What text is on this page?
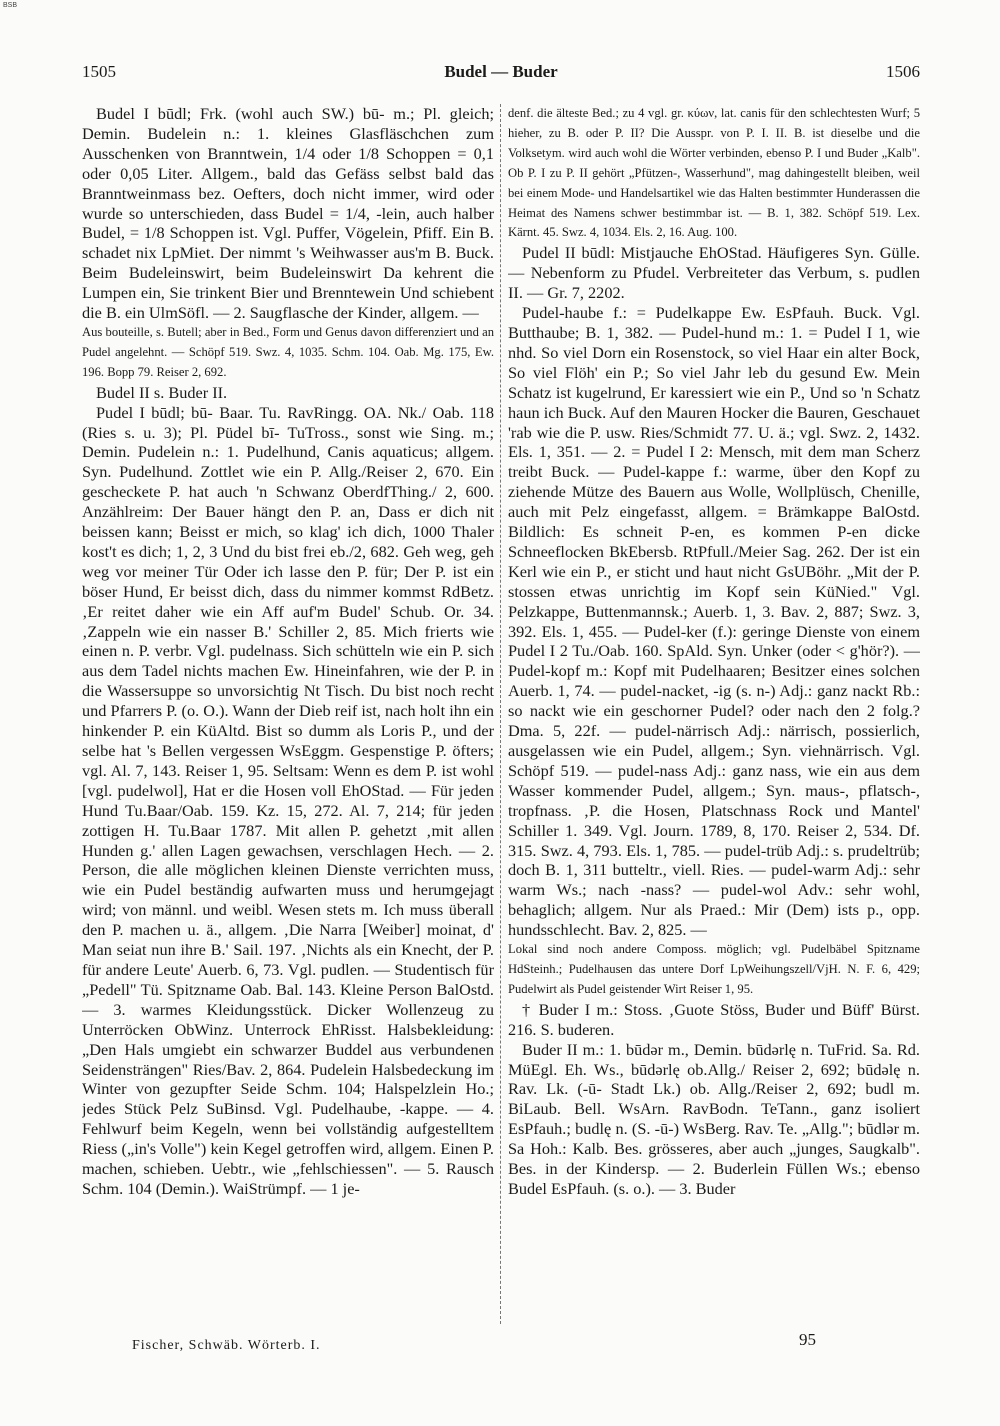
BSB
1505	Budel — Buder	1506

Budel I būdl; Frk. (wohl auch SW.) bū- m.; Pl. gleich; Demin. Budelein n.: 1. kleines Glasfläschchen zum Ausschenken von Branntwein, 1/4 oder 1/8 Schoppen = 0,1 oder 0,05 Liter. Allgem., bald das Gefäss selbst bald das Branntweinmass bez. Oefters, doch nicht immer, wird oder wurde so unterschieden, dass Budel = 1/4, -lein, auch halber Budel, = 1/8 Schoppen ist. Vgl. Puffer, Vögelein, Pfiff. Ein B. schadet nix LpMiet. Der nimmt 's Weihwasser aus'm B. Buck. Beim Budeleinswirt, beim Budeleinswirt Da kehrent die Lumpen ein, Sie trinkent Bier und Brenntewein Und schiebent die B. ein UlmSöfl. — 2. Saugflasche der Kinder, allgem. —

Aus bouteille, s. Butell; aber in Bed., Form und Genus davon differenziert und an Pudel angelehnt. — Schöpf 519. Swz. 4, 1035. Schm. 104. Oab. Mg. 175, Ew. 196. Bopp 79. Reiser 2, 692.

Budel II s. Buder II.

Pudel I būdl; bū- Baar. Tu. RavRingg. OA. Nk./ Oab. 118 (Ries s. u. 3); Pl. Püdel bī- TuTross., sonst wie Sing. m.; Demin. Pudelein n.: 1. Pudelhund, Canis aquaticus; allgem. Syn. Pudelhund. Zottlet wie ein P. Allg./Reiser 2, 670. Ein gescheckete P. hat auch 'n Schwanz OberdfThing./ 2, 600. Anzählreim: Der Bauer hängt den P. an, Dass er dich nit beissen kann; Beisst er mich, so klag' ich dich, 1000 Thaler kost't es dich; 1, 2, 3 Und du bist frei eb./2, 682. Geh weg, geh weg vor meiner Tür Oder ich lasse den P. für; Der P. ist ein böser Hund, Er beisst dich, dass du nimmer kommst RdBetz. ‚Er reitet daher wie ein Aff auf'm Budel' Schub. Or. 34. ‚Zappeln wie ein nasser B.' Schiller 2, 85. Mich frierts wie einen n. P. verbr. Vgl. pudelnass. Sich schütteln wie ein P. sich aus dem Tadel nichts machen Ew. Hineinfahren, wie der P. in die Wassersuppe so unvorsichtig Nt Tisch. Du bist noch recht und Pfarrers P. (o. O.). Wann der Dieb reif ist, nach holt ihn ein hinkender P. ein KüAltd. Bist so dumm als Loris P., und der selbe hat 's Bellen vergessen WsEggm. Gespenstige P. öfters; vgl. Al. 7, 143. Reiser 1, 95. Seltsam: Wenn es dem P. ist wohl [vgl. pudelwol], Hat er die Hosen voll EhOStad. — Für jeden Hund Tu.Baar/Oab. 159. Kz. 15, 272. Al. 7, 214; für jeden zottigen H. Tu.Baar 1787. Mit allen P. gehetzt ‚mit allen Hunden g.' allen Lagen gewachsen, verschlagen Hech. — 2. Person, die alle möglichen kleinen Dienste verrichten muss, wie ein Pudel beständig aufwarten muss und herumgejagt wird; von männl. und weibl. Wesen stets m. Ich muss überall den P. machen u. ä., allgem. ‚Die Narra [Weiber] moinat, d' Man seiat nun ihre B.' Sail. 197. ‚Nichts als ein Knecht, der P. für andere Leute' Auerb. 6, 73. Vgl. pudlen. — Studentisch für „Pedell" Tü. Spitzname Oab. Bal. 143. Kleine Person BalOstd. — 3. warmes Kleidungsstück. Dicker Wollenzeug zu Unterröcken ObWinz. Unterrock EhRisst. Halsbekleidung: „Den Hals umgiebt ein schwarzer Buddel aus verbundenen Seidensträngen" Ries/Bav. 2, 864. Pudelein Halsbedeckung im Winter von gezupfter Seide Schm. 104; Halspelzlein Ho.; jedes Stück Pelz SuBinsd. Vgl. Pudelhaube, -kappe. — 4. Fehlwurf beim Kegeln, wenn bei vollständig aufgestelltem Riess („in's Volle") kein Kegel getroffen wird, allgem. Einen P. machen, schieben. Uebtr., wie „fehlschiessen". — 5. Rausch Schm. 104 (Demin.). WaiStrümpf. — 1 je-

denf. die älteste Bed.; zu 4 vgl. gr. κύων, lat. canis für den schlechtesten Wurf; 5 hieher, zu B. oder P. II? Die Ausspr. von P. I. II. B. ist dieselbe und die Volksetym. wird auch wohl die Wörter verbinden, ebenso P. I und Buder „Kalb". Ob P. I zu P. II gehört „Pfützen-, Wasserhund", mag dahingestellt bleiben, weil bei einem Mode- und Handelsartikel wie das Halten bestimmter Hunderassen die Heimat des Namens schwer bestimmbar ist. — B. 1, 382. Schöpf 519. Lex. Kärnt. 45. Swz. 4, 1034. Els. 2, 16. Aug. 100.

Pudel II būdl: Mistjauche EhOStad. Häufigeres Syn. Gülle. — Nebenform zu Pfudel. Verbreiteter das Verbum, s. pudlen II. — Gr. 7, 2202.

Pudel-haube f.: = Pudelkappe Ew. EsPfauh. Buck. Vgl. Butthaube; B. 1, 382. — Pudel-hund m.: 1. = Pudel I 1, wie nhd. So viel Dorn ein Rosenstock, so viel Haar ein alter Bock, So viel Flöh' ein P.; So viel Jahr leb du gesund Ew. Mein Schatz ist kugelrund, Er karessiert wie ein P., Und so 'n Schatz haun ich Buck. Auf den Mauren Hocker die Bauren, Geschauet 'rab wie die P. usw. Ries/Schmidt 77. U. ä.; vgl. Swz. 2, 1432. Els. 1, 351. — 2. = Pudel I 2: Mensch, mit dem man Scherz treibt Buck. — Pudel-kappe f.: warme, über den Kopf zu ziehende Mütze des Bauern aus Wolle, Wollplüsch, Chenille, auch mit Pelz eingefasst, allgem. = Brämkappe BalOstd. Bildlich: Es schneit P-en, es kommen P-en dicke Schneeflocken BkEbersb. RtPfull./Meier Sag. 262. Der ist ein Kerl wie ein P., er sticht und haut nicht GsUBöhr. „Mit der P. stossen etwas unrichtig im Kopf sein KüNied." Vgl. Pelzkappe, Buttenmannsk.; Auerb. 1, 3. Bav. 2, 887; Swz. 3, 392. Els. 1, 455. — Pudel-ker (f.): geringe Dienste von einem Pudel I 2 Tu./Oab. 160. SpAld. Syn. Unker (oder < g'hör?). — Pudel-kopf m.: Kopf mit Pudelhaaren; Besitzer eines solchen Auerb. 1, 74. — pudel-nacket, -ig (s. n-) Adj.: ganz nackt Rb.: so nackt wie ein geschorner Pudel? oder nach den 2 folg.? Dma. 5, 22f. — pudel-närrisch Adj.: närrisch, possierlich, ausgelassen wie ein Pudel, allgem.; Syn. viehnärrisch. Vgl. Schöpf 519. — pudel-nass Adj.: ganz nass, wie ein aus dem Wasser kommender Pudel, allgem.; Syn. maus-, pflatsch-, tropfnass. ‚P. die Hosen, Platschnass Rock und Mantel' Schiller 1. 349. Vgl. Journ. 1789, 8, 170. Reiser 2, 534. Df. 315. Swz. 4, 793. Els. 1, 785. — pudel-trüb Adj.: s. prudeltrüb; doch B. 1, 311 butteltr., viell. Ries. — pudel-warm Adj.: sehr warm Ws.; nach -nass? — pudel-wol Adv.: sehr wohl, behaglich; allgem. Nur als Praed.: Mir (Dem) ists p., opp. hundsschlecht. Bav. 2, 825. —

Lokal sind noch andere Composs. möglich; vgl. Pudelbäbel Spitzname HdSteinh.; Pudelhausen das untere Dorf LpWeihungszell/VjH. N. F. 6, 429; Pudelwirt als Pudel geistender Wirt Reiser 1, 95.

† Buder I m.: Stoss. ‚Guote Stöss, Buder und Büff' Bürst. 216. S. buderen.

Buder II m.: 1. būdər m., Demin. būdərlę n. TuFrid. Sa. Rd. MüEgl. Eh. Ws., būdərlę ob.Allg./ Reiser 2, 692; būdəlę n. Rav. Lk. (-ū- Stadt Lk.) ob. Allg./Reiser 2, 692; budl m. BiLaub. Bell. WsArn. RavBodn. TeTann., ganz isoliert EsPfauh.; budlę n. (S. -ū-) WsBerg. Rav. Te. „Allg."; būdlər m. Sa Hoh.: Kalb. Bes. grösseres, aber auch „junges, Saugkalb". Bes. in der Kindersp. — 2. Buderlein Füllen Ws.; ebenso Budel EsPfauh. (s. o.). — 3. Buder

Fischer, Schwäb. Wörterb. I.	95
